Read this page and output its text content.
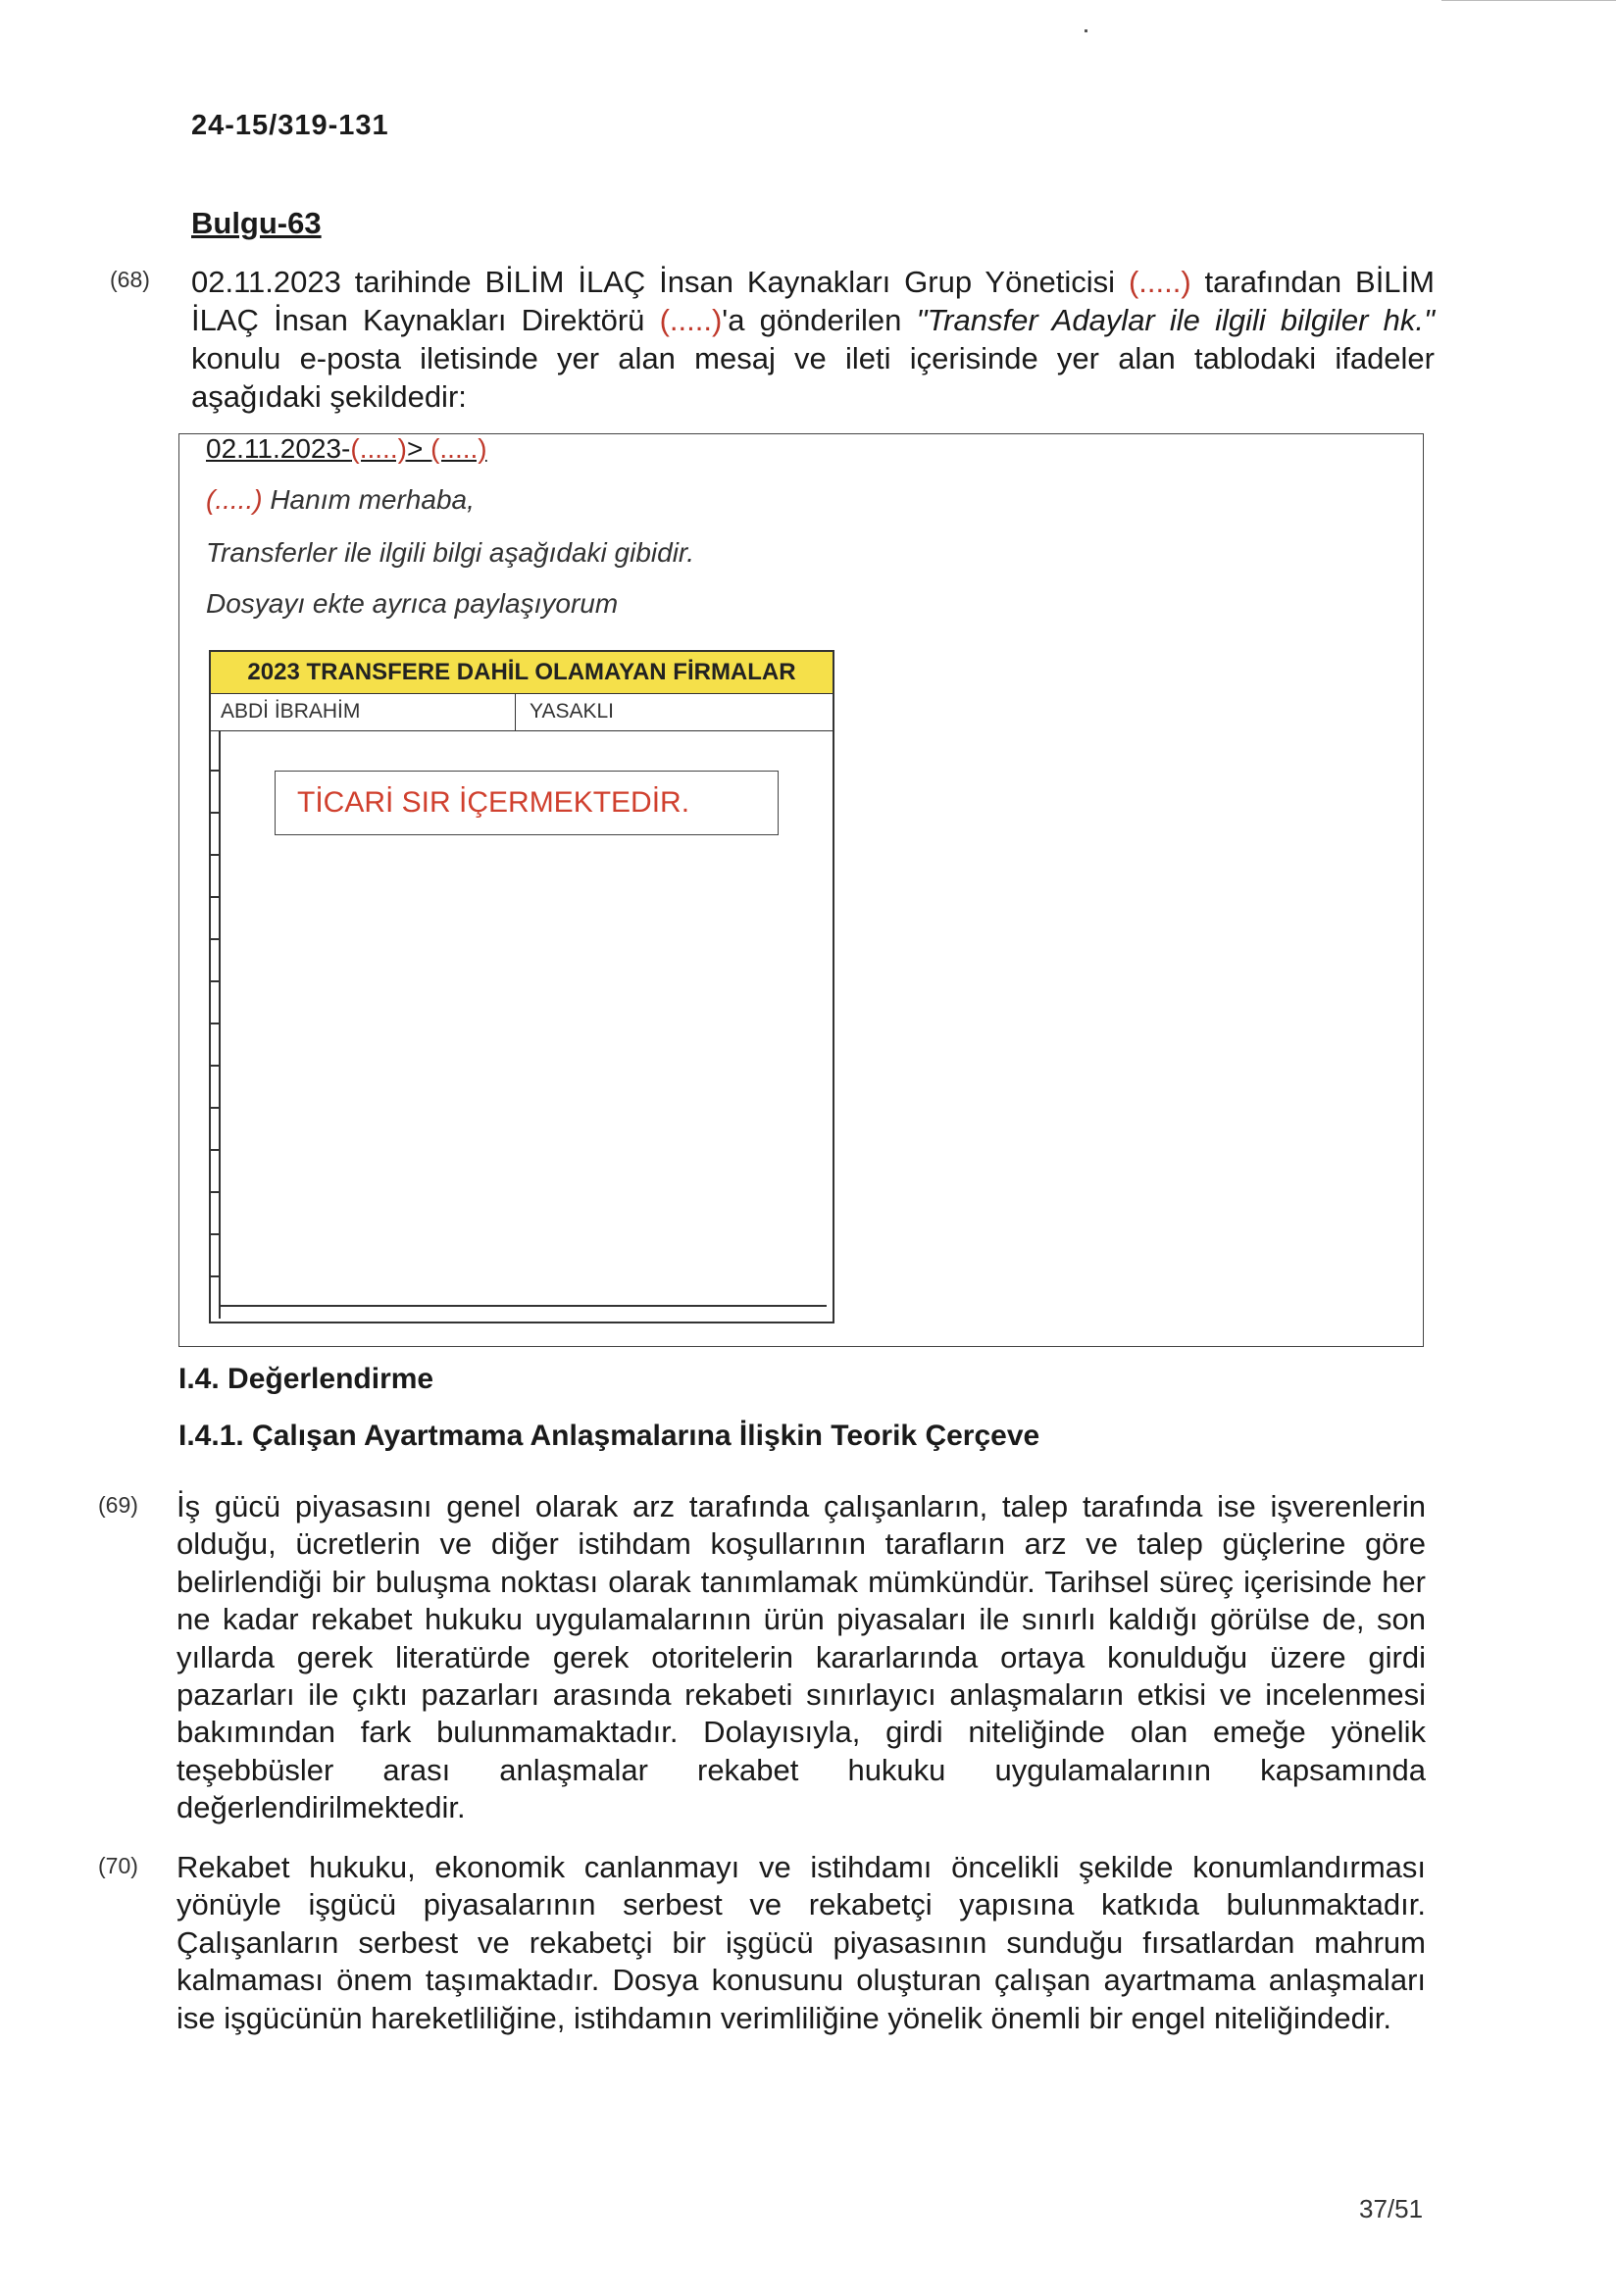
24-15/319-131
Bulgu-63
(68) 02.11.2023 tarihinde BİLİM İLAÇ İnsan Kaynakları Grup Yöneticisi (.....) tarafından BİLİM İLAÇ İnsan Kaynakları Direktörü (.....)'a gönderilen "Transfer Adaylar ile ilgili bilgiler hk." konulu e-posta iletisinde yer alan mesaj ve ileti içerisinde yer alan tablodaki ifadeler aşağıdaki şekildedir:
02.11.2023-(.....)> (.....)
(.....) Hanım merhaba,
Transferler ile ilgili bilgi aşağıdaki gibidir.
Dosyayı ekte ayrıca paylaşıyorum
2023 TRANSFERE DAHİL OLAMAYAN FİRMALAR
ABDİ İBRAHİM	YASAKLI
TİCARİ SIR İÇERMEKTEDİR.
I.4. Değerlendirme
I.4.1. Çalışan Ayartmama Anlaşmalarına İlişkin Teorik Çerçeve
(69) İş gücü piyasasını genel olarak arz tarafında çalışanların, talep tarafında ise işverenlerin olduğu, ücretlerin ve diğer istihdam koşullarının tarafların arz ve talep güçlerine göre belirlendiği bir buluşma noktası olarak tanımlamak mümkündür. Tarihsel süreç içerisinde her ne kadar rekabet hukuku uygulamalarının ürün piyasaları ile sınırlı kaldığı görülse de, son yıllarda gerek literatürde gerek otoritelerin kararlarında ortaya konulduğu üzere girdi pazarları ile çıktı pazarları arasında rekabeti sınırlayıcı anlaşmaların etkisi ve incelenmesi bakımından fark bulunmamaktadır. Dolayısıyla, girdi niteliğinde olan emeğe yönelik teşebbüsler arası anlaşmalar rekabet hukuku uygulamalarının kapsamında değerlendirilmektedir.
(70) Rekabet hukuku, ekonomik canlanmayı ve istihdamı öncelikli şekilde konumlandırması yönüyle işgücü piyasalarının serbest ve rekabetçi yapısına katkıda bulunmaktadır. Çalışanların serbest ve rekabetçi bir işgücü piyasasının sunduğu fırsatlardan mahrum kalmaması önem taşımaktadır. Dosya konusunu oluşturan çalışan ayartmama anlaşmaları ise işgücünün hareketliliğine, istihdamın verimliliğine yönelik önemli bir engel niteliğindedir.
37/51
